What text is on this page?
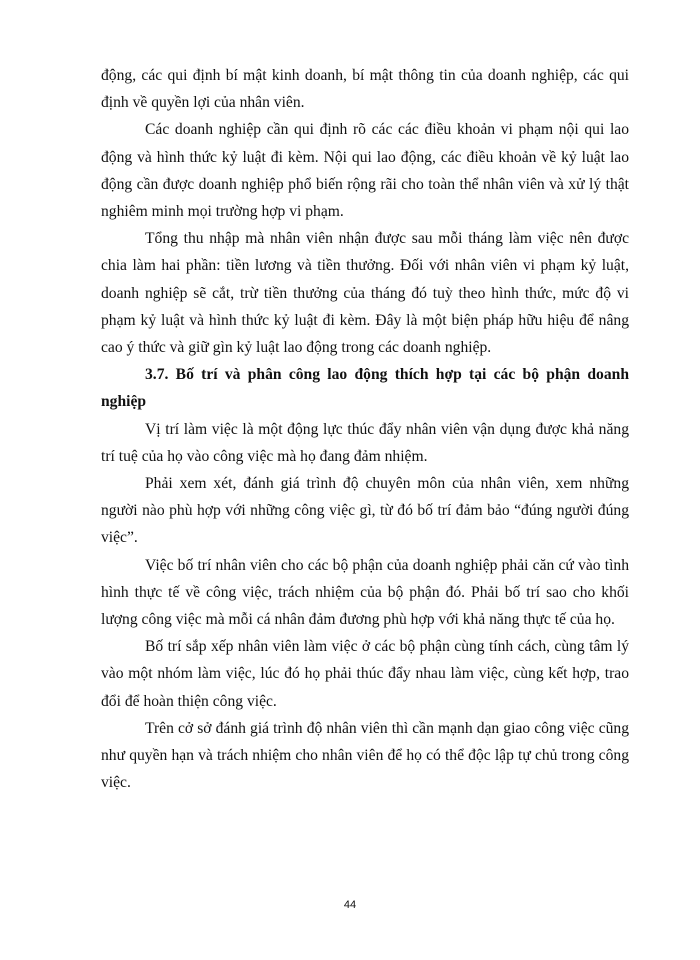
động, các qui định bí mật kinh doanh, bí mật thông tin của doanh nghiệp, các qui định về quyền lợi của nhân viên.

Các doanh nghiệp cần qui định rõ các các điều khoản vi phạm nội qui lao động và hình thức kỷ luật đi kèm. Nội qui lao động, các điều khoản về kỷ luật lao động cần được doanh nghiệp phổ biến rộng rãi cho toàn thể nhân viên và xử lý thật nghiêm minh mọi trường hợp vi phạm.

Tổng thu nhập mà nhân viên nhận được sau mỗi tháng làm việc nên được chia làm hai phần: tiền lương và tiền thưởng. Đối với nhân viên vi phạm kỷ luật, doanh nghiệp sẽ cắt, trừ tiền thưởng của tháng đó tuỳ theo hình thức, mức độ vi phạm kỷ luật và hình thức kỷ luật đi kèm. Đây là một biện pháp hữu hiệu để nâng cao ý thức và giữ gìn kỷ luật lao động trong các doanh nghiệp.

3.7. Bố trí và phân công lao động thích hợp tại các bộ phận doanh nghiệp

Vị trí làm việc là một động lực thúc đẩy nhân viên vận dụng được khả năng trí tuệ của họ vào công việc mà họ đang đảm nhiệm.

Phải xem xét, đánh giá trình độ chuyên môn của nhân viên, xem những người nào phù hợp với những công việc gì, từ đó bố trí đảm bảo “đúng người đúng việc”.

Việc bố trí nhân viên cho các bộ phận của doanh nghiệp phải căn cứ vào tình hình thực tế về công việc, trách nhiệm của bộ phận đó. Phải bố trí sao cho khối lượng công việc mà mỗi cá nhân đảm đương phù hợp với khả năng thực tế của họ.

Bố trí sắp xếp nhân viên làm việc ở các bộ phận cùng tính cách, cùng tâm lý vào một nhóm làm việc, lúc đó họ phải thúc đẩy nhau làm việc, cùng kết hợp, trao đổi để hoàn thiện công việc.

Trên cở sở đánh giá trình độ nhân viên thì cần mạnh dạn giao công việc cũng như quyền hạn và trách nhiệm cho nhân viên để họ có thể độc lập tự chủ trong công việc.

44
